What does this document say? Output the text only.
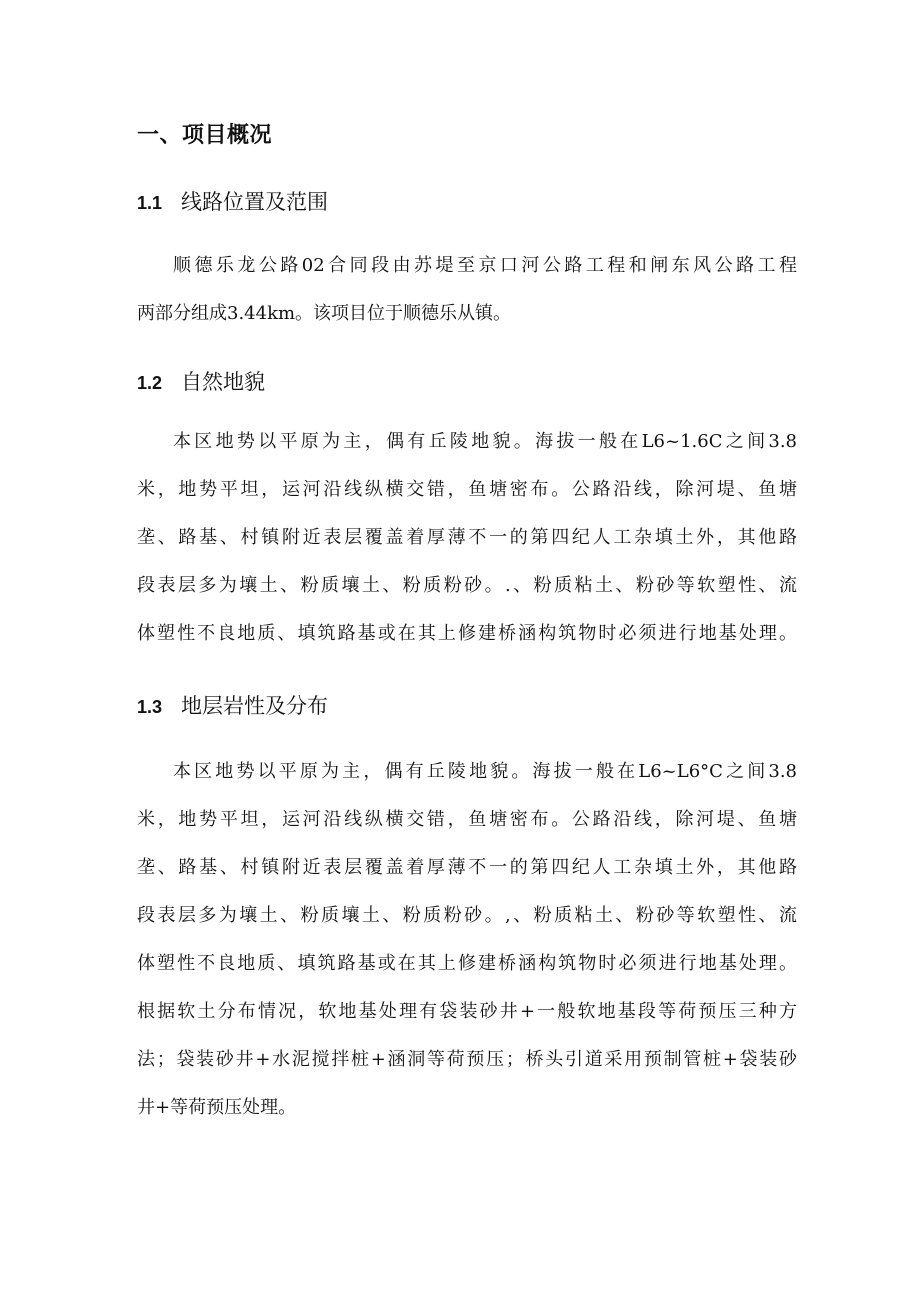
一、项目概况
1.1 线路位置及范围
顺德乐龙公路02合同段由苏堤至京口河公路工程和闸东风公路工程
两部分组成3.44km。该项目位于顺德乐从镇。
1.2 自然地貌
本区地势以平原为主，偶有丘陵地貌。海拔一般在L6~1.6C之间3.8
米，地势平坦，运河沿线纵横交错，鱼塘密布。公路沿线，除河堤、鱼塘
垄、路基、村镇附近表层覆盖着厚薄不一的第四纪人工杂填土外，其他路
段表层多为壤土、粉质壤土、粉质粉砂。.、粉质粘土、粉砂等软塑性、流
体塑性不良地质、填筑路基或在其上修建桥涵构筑物时必须进行地基处理。
1.3 地层岩性及分布
本区地势以平原为主，偶有丘陵地貌。海拔一般在L6~L6°C之间3.8
米，地势平坦，运河沿线纵横交错，鱼塘密布。公路沿线，除河堤、鱼塘
垄、路基、村镇附近表层覆盖着厚薄不一的第四纪人工杂填土外，其他路
段表层多为壤土、粉质壤土、粉质粉砂。,、粉质粘土、粉砂等软塑性、流
体塑性不良地质、填筑路基或在其上修建桥涵构筑物时必须进行地基处理。
根据软土分布情况，软地基处理有袋装砂井+一般软地基段等荷预压三种方
法；袋装砂井+水泥搅拌桩+涵洞等荷预压；桥头引道采用预制管桩+袋装砂
井+等荷预压处理。
